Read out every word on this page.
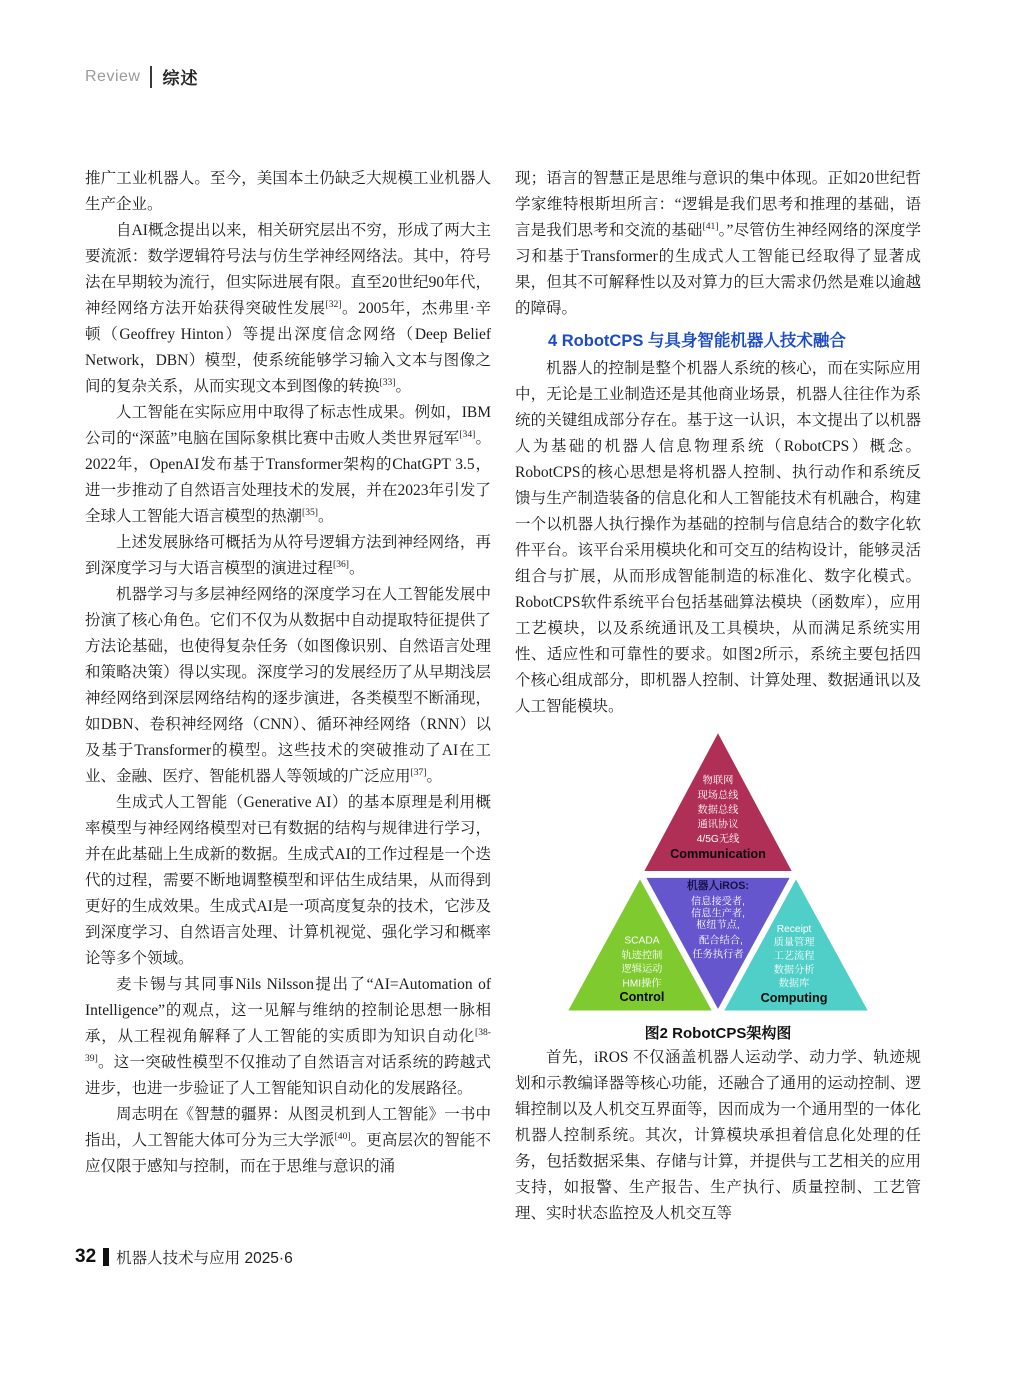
Review 综述

推广工业机器人。至今，美国本土仍缺乏大规模工业机器人生产企业。

自AI概念提出以来，相关研究层出不穷，形成了两大主要流派：数学逻辑符号法与仿生学神经网络法。其中，符号法在早期较为流行，但实际进展有限。直至20世纪90年代，神经网络方法开始获得突破性发展[32]。2005年，杰弗里·辛顿（Geoffrey Hinton）等提出深度信念网络（Deep Belief Network，DBN）模型，使系统能够学习输入文本与图像之间的复杂关系，从而实现文本到图像的转换[33]。

人工智能在实际应用中取得了标志性成果。例如，IBM公司的“深蓝”电脑在国际象棋比赛中击败人类世界冠军[34]。2022年，OpenAI发布基于Transformer架构的ChatGPT 3.5，进一步推动了自然语言处理技术的发展，并在2023年引发了全球人工智能大语言模型的热潮[35]。

上述发展脉络可概括为从符号逻辑方法到神经网络，再到深度学习与大语言模型的演进过程[36]。

机器学习与多层神经网络的深度学习在人工智能发展中扮演了核心角色。它们不仅为从数据中自动提取特征提供了方法论基础，也使得复杂任务（如图像识别、自然语言处理和策略决策）得以实现。深度学习的发展经历了从早期浅层神经网络到深层网络结构的逐步演进，各类模型不断涌现，如DBN、卷积神经网络（CNN）、循环神经网络（RNN）以及基于Transformer的模型。这些技术的突破推动了AI在工业、金融、医疗、智能机器人等领域的广泛应用[37]。

生成式人工智能（Generative AI）的基本原理是利用概率模型与神经网络模型对已有数据的结构与规律进行学习，并在此基础上生成新的数据。生成式AI的工作过程是一个迭代的过程，需要不断地调整模型和评估生成结果，从而得到更好的生成效果。生成式AI是一项高度复杂的技术，它涉及到深度学习、自然语言处理、计算机视觉、强化学习和概率论等多个领域。

麦卡锡与其同事Nils Nilsson提出了“AI=Automation of Intelligence”的观点，这一见解与维纳的控制论思想一脉相承，从工程视角解释了人工智能的实质即为知识自动化[38-39]。这一突破性模型不仅推动了自然语言对话系统的跨越式进步，也进一步验证了人工智能知识自动化的发展路径。

周志明在《智慧的疆界：从图灵机到人工智能》一书中指出，人工智能大体可分为三大学派[40]。更高层次的智能不应仅限于感知与控制，而在于思维与意识的涌

现；语言的智慧正是思维与意识的集中体现。正如20世纪哲学家维特根斯坦所言：“逻辑是我们思考和推理的基础，语言是我们思考和交流的基础[41]。”尽管仿生神经网络的深度学习和基于Transformer的生成式人工智能已经取得了显著成果，但其不可解释性以及对算力的巨大需求仍然是难以逾越的障碍。

4 RobotCPS 与具身智能机器人技术融合

机器人的控制是整个机器人系统的核心，而在实际应用中，无论是工业制造还是其他商业场景，机器人往往作为系统的关键组成部分存在。基于这一认识，本文提出了以机器人为基础的机器人信息物理系统（RobotCPS）概念。RobotCPS的核心思想是将机器人控制、执行动作和系统反馈与生产制造装备的信息化和人工智能技术有机融合，构建一个以机器人执行操作为基础的控制与信息结合的数字化软件平台。该平台采用模块化和可交互的结构设计，能够灵活组合与扩展，从而形成智能制造的标准化、数字化模式。 RobotCPS软件系统平台包括基础算法模块（函数库），应用工艺模块，以及系统通讯及工具模块，从而满足系统实用性、适应性和可靠性的要求。如图2所示，系统主要包括四个核心组成部分，即机器人控制、计算处理、数据通讯以及人工智能模块。

物联网
现场总线
数据总线
通讯协议
4/5G无线
Communication
机器人iROS:
信息接受者,
信息生产者,
枢纽节点,
配合结合,
任务执行者
SCADA
轨迹控制
逻辑运动
HMI操作
Control
Receipt
质量管理
工艺流程
数据分析
数据库
Computing
图2 RobotCPS架构图

首先，iROS 不仅涵盖机器人运动学、动力学、轨迹规划和示教编译器等核心功能，还融合了通用的运动控制、逻辑控制以及人机交互界面等，因而成为一个通用型的一体化机器人控制系统。其次，计算模块承担着信息化处理的任务，包括数据采集、存储与计算，并提供与工艺相关的应用支持，如报警、生产报告、生产执行、质量控制、工艺管理、实时状态监控及人机交互等

32 机器人技术与应用 2025·6
